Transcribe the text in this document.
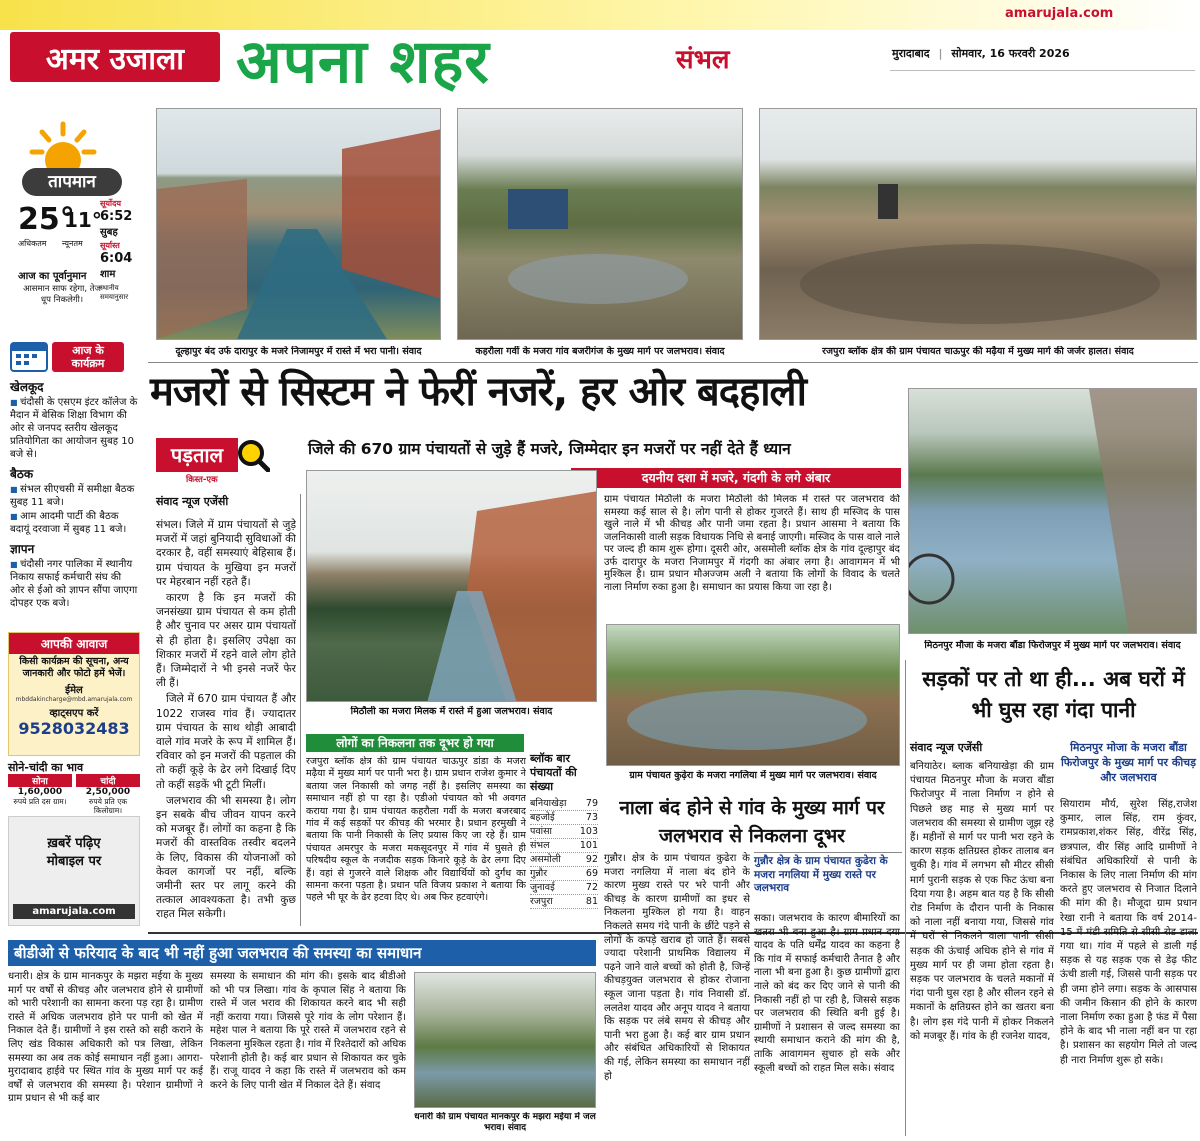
amarujala.com
अमर उजाला अपना शहर	संभल	मुरादाबाद | सोमवार, 16 फरवरी 2026
तापमान
25°
11°
अधिकतम न्यूनतम
सूर्योदय
6:52
सुबह
सूर्यास्त
6:04
शाम
स्थानीय समयानुसार
आज का पूर्वानुमान
आसमान साफ रहेगा, तेज धूप निकलेगी।
आज के कार्यक्रम
खेलकूद
■ चंदौसी के एसएम इंटर कॉलेज के मैदान में बेसिक शिक्षा विभाग की ओर से जनपद स्तरीय खेलकूद प्रतियोगिता का आयोजन सुबह 10 बजे से।
बैठक
■ संभल सीएचसी में समीक्षा बैठक सुबह 11 बजे।
■ आम आदमी पार्टी की बैठक बदायूं दरवाजा में सुबह 11 बजे।
ज्ञापन
■ चंदौसी नगर पालिका में स्थानीय निकाय सफाई कर्मचारी संघ की ओर से ईओ को ज्ञापन सौंपा जाएगा दोपहर एक बजे।
आपकी आवाज
किसी कार्यक्रम की सूचना, अन्य जानकारी और फोटो हमें भेजें।
ईमेल
mbddakincharge@mbd.amarujala.com
व्हाट्सएप करें
9528032483
सोने-चांदी का भाव
सोना
1,60,000
रुपये प्रति दस ग्राम।
चांदी
2,50,000
रुपये प्रति एक किलोग्राम।
ख़बरें पढ़िए
मोबाइल पर
amarujala.com
दूल्हापुर बंद उर्फ दारापुर के मजरे निजामपुर में रास्ते में भरा पानी। संवाद	कहरौला गर्वी के मजरा गांव बजरीगंज के मुख्य मार्ग पर जलभराव। संवाद	रजपुरा ब्लॉक क्षेत्र की ग्राम पंचायत चाऊपुर की मढ़ैया में मुख्य मार्ग की जर्जर हालत। संवाद
मजरों से सिस्टम ने फेरीं नजरें, हर ओर बदहाली
पड़ताल
किस्त-एक
जिले की 670 ग्राम पंचायतों से जुड़े हैं मजरे, जिम्मेदार इन मजरों पर नहीं देते हैं ध्यान
दयनीय दशा में मजरे, गंदगी के लगे अंबार
संवाद न्यूज एजेंसी

संभल। जिले में ग्राम पंचायतों से जुड़े मजरों में जहां बुनियादी सुविधाओं की दरकार है, वहीं समस्याएं बेहिसाब हैं। ग्राम पंचायत के मुखिया इन मजरों पर मेहरबान नहीं रहते हैं।

कारण है कि इन मजरों की जनसंख्या ग्राम पंचायत से कम होती है और चुनाव पर असर ग्राम पंचायतों से ही होता है। इसलिए उपेक्षा का शिकार मजरों में रहने वाले लोग होते हैं। जिम्मेदारों ने भी इनसे नजरें फेर ली हैं।

जिले में 670 ग्राम पंचायत हैं और 1022 राजस्व गांव हैं। ज्यादातर ग्राम पंचायत के साथ थोड़ी आबादी वाले गांव मजरे के रूप में शामिल हैं। रविवार को इन मजरों की पड़ताल की तो कहीं कूड़े के ढेर लगे दिखाई दिए तो कहीं सड़कें भी टूटी मिलीं।

जलभराव की भी समस्या है। लोग इन सबके बीच जीवन यापन करने को मजबूर हैं। लोगों का कहना है कि मजरों की वास्तविक तस्वीर बदलने के लिए, विकास की योजनाओं को केवल कागजों पर नहीं, बल्कि जमीनी स्तर पर लागू करने की तत्काल आवश्यकता है। तभी कुछ राहत मिल सकेगी।

मिठौली का मजरा मिलक में रास्ते में हुआ जलभराव। संवाद
ग्राम पंचायत मिठौली के मजरा मिठौली की मिलक में रास्ते पर जलभराव की समस्या कई साल से है। लोग पानी से होकर गुजरते हैं। साथ ही मस्जिद के पास खुले नाले में भी कीचड़ और पानी जमा रहता है। प्रधान आसमा ने बताया कि जलनिकासी वाली सड़क विधायक निधि से बनाई जाएगी। मस्जिद के पास वाले नाले पर जल्द ही काम शुरू होगा। दूसरी ओर, असमोली ब्लॉक क्षेत्र के गांव दूल्हापुर बंद उर्फ दारापुर के मजरा निजामपुर में गंदगी का अंबार लगा है। आवागमन में भी मुश्किल है। ग्राम प्रधान मौअज्जम अली ने बताया कि लोगों के विवाद के चलते नाला निर्माण रुका हुआ है। समाधान का प्रयास किया जा रहा है।
ग्राम पंचायत कुढ़ेरा के मजरा नगलिया में मुख्य मार्ग पर जलभराव। संवाद
लोगों का निकलना तक दूभर हो गया
रजपुरा ब्लॉक क्षेत्र की ग्राम पंचायत चाऊपुर डांडा के मजरा मढ़ैया में मुख्य मार्ग पर पानी भरा है। ग्राम प्रधान राजेश कुमार ने बताया जल निकासी को जगह नहीं है। इसलिए समस्या का समाधान नहीं हो पा रहा है। एडीओ पंचायत को भी अवगत कराया गया है। ग्राम पंचायत कहरौला गर्वी के मजरा बजरबाद गांव में कई सड़कों पर कीचड़ की भरमार है। प्रधान हरमुखी ने बताया कि पानी निकासी के लिए प्रयास किए जा रहे हैं। ग्राम पंचायत अमरपुर के मजरा मकसूदनपुर में गांव में घुसते ही परिषदीय स्कूल के नजदीक सड़क किनारे कूड़े के ढेर लगा दिए हैं। वहां से गुजरने वाले शिक्षक और विद्यार्थियों को दुर्गंध का सामना करना पड़ता है। प्रधान पति विजय प्रकाश ने बताया कि पहले भी घूर के ढेर हटवा दिए थे। अब फिर हटवाएंगे।
ब्लॉक बार पंचायतों की संख्या
बनियाखेड़ा 79
बहजोई	73
पवांसा	103
संभल	101
असमोली	92
गुन्नौर	69
जुनावई	72
रजपुरा	81
नाला बंद होने से गांव के मुख्य मार्ग पर जलभराव से निकलना दूभर
गुन्नौर क्षेत्र के ग्राम पंचायत कुढेरा के मजरा नगलिया में मुख्य रास्ते पर जलभराव
गुन्नौर। क्षेत्र के ग्राम पंचायत कुढेरा के मजरा नगलिया में नाला बंद होने के कारण मुख्य रास्ते पर भरे पानी और कीचड़ के कारण ग्रामीणों का इधर से निकलना मुश्किल हो गया है। वाहन निकलते समय गंदे पानी के छींटे पड़ने से लोगों के कपड़े खराब हो जाते हैं। सबसे ज्यादा परेशानी प्राथमिक विद्यालय में पढ़ने जाने वाले बच्चों को होती है, जिन्हें कीचड़युक्त जलभराव से होकर रोजाना स्कूल जाना पड़ता है। गांव निवासी डॉ. ललतेश यादव और अनूप यादव ने बताया कि सड़क पर लंबे समय से कीचड़ और पानी भरा हुआ है। कई बार ग्राम प्रधान और संबंधित अधिकारियों से शिकायत की गई, लेकिन समस्या का समाधान नहीं हो
सका। जलभराव के कारण बीमारियों का खतरा भी बना हुआ है। ग्राम प्रधान दया यादव के पति धर्मेंद्र यादव का कहना है कि गांव में सफाई कर्मचारी तैनात है और नाला भी बना हुआ है। कुछ ग्रामीणों द्वारा नाले को बंद कर दिए जाने से पानी की निकासी नहीं हो पा रही है, जिससे सड़क पर जलभराव की स्थिति बनी हुई है। ग्रामीणों ने प्रशासन से जल्द समस्या का स्थायी समाधान कराने की मांग की है, ताकि आवागमन सुचारु हो सके और स्कूली बच्चों को राहत मिल सके। संवाद
मिठनपुर मौजा के मजरा बौंडा फिरोजपुर में मुख्य मार्ग पर जलभराव। संवाद
सड़कों पर तो था ही... अब घरों में भी घुस रहा गंदा पानी
संवाद न्यूज एजेंसी	मिठनपुर मोजा के मजरा बौंडा फिरोजपुर के मुख्य मार्ग पर कीचड़ और जलभराव
बनियाठेर। ब्लाक बनियाखेड़ा की ग्राम पंचायत मिठनपुर मौजा के मजरा बौंडा फिरोजपुर में नाला निर्माण न होने से पिछले छह माह से मुख्य मार्ग पर जलभराव की समस्या से ग्रामीण जूझ रहे हैं। महीनों से मार्ग पर पानी भरा रहने के कारण सड़क क्षतिग्रस्त होकर तालाब बन चुकी है। गांव में लगभग सौ मीटर सीसी मार्ग पुरानी सड़क से एक फिट ऊंचा बना दिया गया है। अहम बात यह है कि सीसी रोड निर्माण के दौरान पानी के निकास को नाला नहीं बनाया गया, जिससे गांव में घरों से निकलने वाला पानी सीसी सड़क की ऊंचाई अधिक होने से गांव में मुख्य मार्ग पर ही जमा होता रहता है। सड़क पर जलभराव के चलते मकानों में गंदा पानी घुस रहा है और सीलन रहने से मकानों के क्षतिग्रस्त होने का खतरा बना है। लोग इस गंदे पानी में होकर निकलने को मजबूर हैं। गांव के ही रजनेश यादव,
सियाराम मौर्य, सुरेश सिंह,राजेश कुमार, लाल सिंह, राम कुंवर, रामप्रकाश,शंकर सिंह, वीरेंद्र सिंह, छत्रपाल, वीर सिंह आदि ग्रामीणों ने संबंधित अधिकारियों से पानी के निकास के लिए नाला निर्माण की मांग करते हुए जलभराव से निजात दिलाने की मांग की है। मौजूदा ग्राम प्रधान रेखा रानी ने बताया कि वर्ष 2014-15 में मंडी समिति से सीसी रोड डाला गया था। गांव में पहले से डाली गई सड़क से यह सड़क एक से डेढ़ फीट ऊंची डाली गई, जिससे पानी सड़क पर ही जमा होने लगा। सड़क के आसपास की जमीन किसान की होने के कारण नाला निर्माण रुका हुआ है फंड में पैसा होने के बाद भी नाला नहीं बन पा रहा है। प्रशासन का सहयोग मिले तो जल्द ही नारा निर्माण शुरू हो सके।
बीडीओ से फरियाद के बाद भी नहीं हुआ जलभराव की समस्या का समाधान
धनारी। क्षेत्र के ग्राम मानकपुर के मझरा मईया के मुख्य मार्ग पर वर्षों से कीचड़ और जलभराव होने से ग्रामीणों को भारी परेशानी का सामना करना पड़ रहा है। ग्रामीण रास्ते में अधिक जलभराव होने पर पानी को खेत में निकाल देते हैं। ग्रामीणों ने इस रास्ते को सही कराने के लिए खंड विकास अधिकारी को पत्र लिखा, लेकिन समस्या का अब तक कोई समाधान नहीं हुआ। आगरा-मुरादाबाद हाईवे पर स्थित गांव के मुख्य मार्ग पर कई वर्षों से जलभराव की समस्या है। परेशान ग्रामीणों ने ग्राम प्रधान से भी कई बार
समस्या के समाधान की मांग की। इसके बाद बीडीओ को भी पत्र लिखा। गांव के कृपाल सिंह ने बताया कि रास्ते में जल भराव की शिकायत करने बाद भी सही नहीं कराया गया। जिससे पूरे गांव के लोग परेशान हैं। महेश पाल ने बताया कि पूरे रास्ते में जलभराव रहने से निकलना मुश्किल रहता है। गांव में रिश्तेदारों को अधिक परेशानी होती है। कई बार प्रधान से शिकायत कर चुके हैं। राजू यादव ने कहा कि रास्ते में जलभराव को कम करने के लिए पानी खेत में निकाल देते हैं। संवाद
धनारी की ग्राम पंचायत मानकपुर के मझरा मईया में जल भराव। संवाद
